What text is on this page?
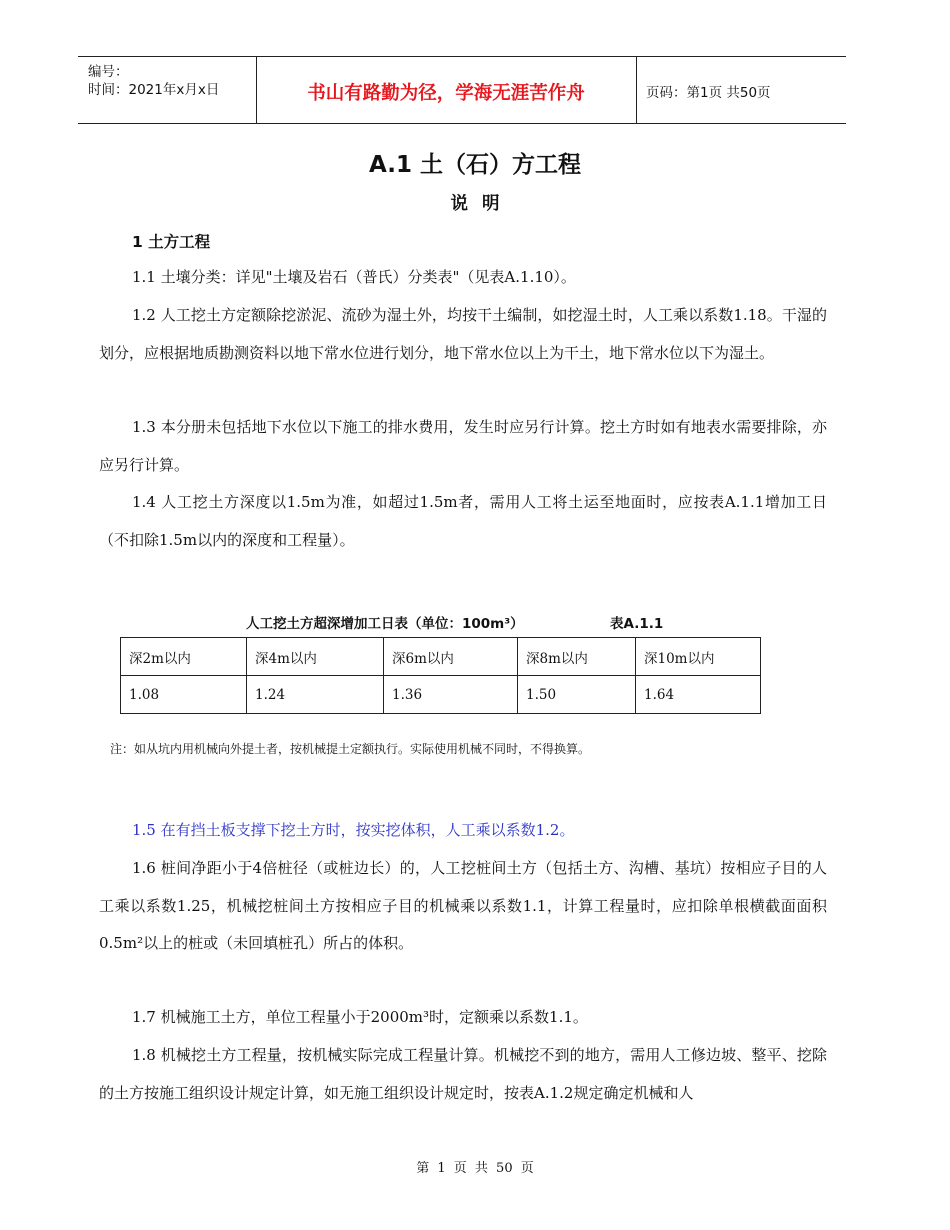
编号：
时间：2021年x月x日	书山有路勤为径，学海无涯苦作舟	页码：第1页 共50页
A.1 土（石）方工程
说明
1 土方工程
1.1 土壤分类：详见"土壤及岩石（普氏）分类表"（见表A.1.10）。
1.2 人工挖土方定额除挖淤泥、流砂为湿土外，均按干土编制，如挖湿土时，人工乘以系数1.18。干湿的划分，应根据地质勘测资料以地下常水位进行划分，地下常水位以上为干土，地下常水位以下为湿土。
1.3 本分册未包括地下水位以下施工的排水费用，发生时应另行计算。挖土方时如有地表水需要排除，亦应另行计算。
1.4 人工挖土方深度以1.5m为准，如超过1.5m者，需用人工将土运至地面时，应按表A.1.1增加工日（不扣除1.5m以内的深度和工程量）。
人工挖土方超深增加工日表（单位：100m³）	表A.1.1
深2m以内	深4m以内	深6m以内	深8m以内	深10m以内
1.08	1.24	1.36	1.50	1.64
注：如从坑内用机械向外提土者，按机械提土定额执行。实际使用机械不同时，不得换算。
1.5 在有挡土板支撑下挖土方时，按实挖体积，人工乘以系数1.2。
1.6 桩间净距小于4倍桩径（或桩边长）的，人工挖桩间土方（包括土方、沟槽、基坑）按相应子目的人工乘以系数1.25，机械挖桩间土方按相应子目的机械乘以系数1.1，计算工程量时，应扣除单根横截面面积0.5m²以上的桩或（未回填桩孔）所占的体积。
1.7 机械施工土方，单位工程量小于2000m³时，定额乘以系数1.1。
1.8 机械挖土方工程量，按机械实际完成工程量计算。机械挖不到的地方，需用人工修边坡、整平、挖除的土方按施工组织设计规定计算，如无施工组织设计规定时，按表A.1.2规定确定机械和人
第 1 页 共 50 页
